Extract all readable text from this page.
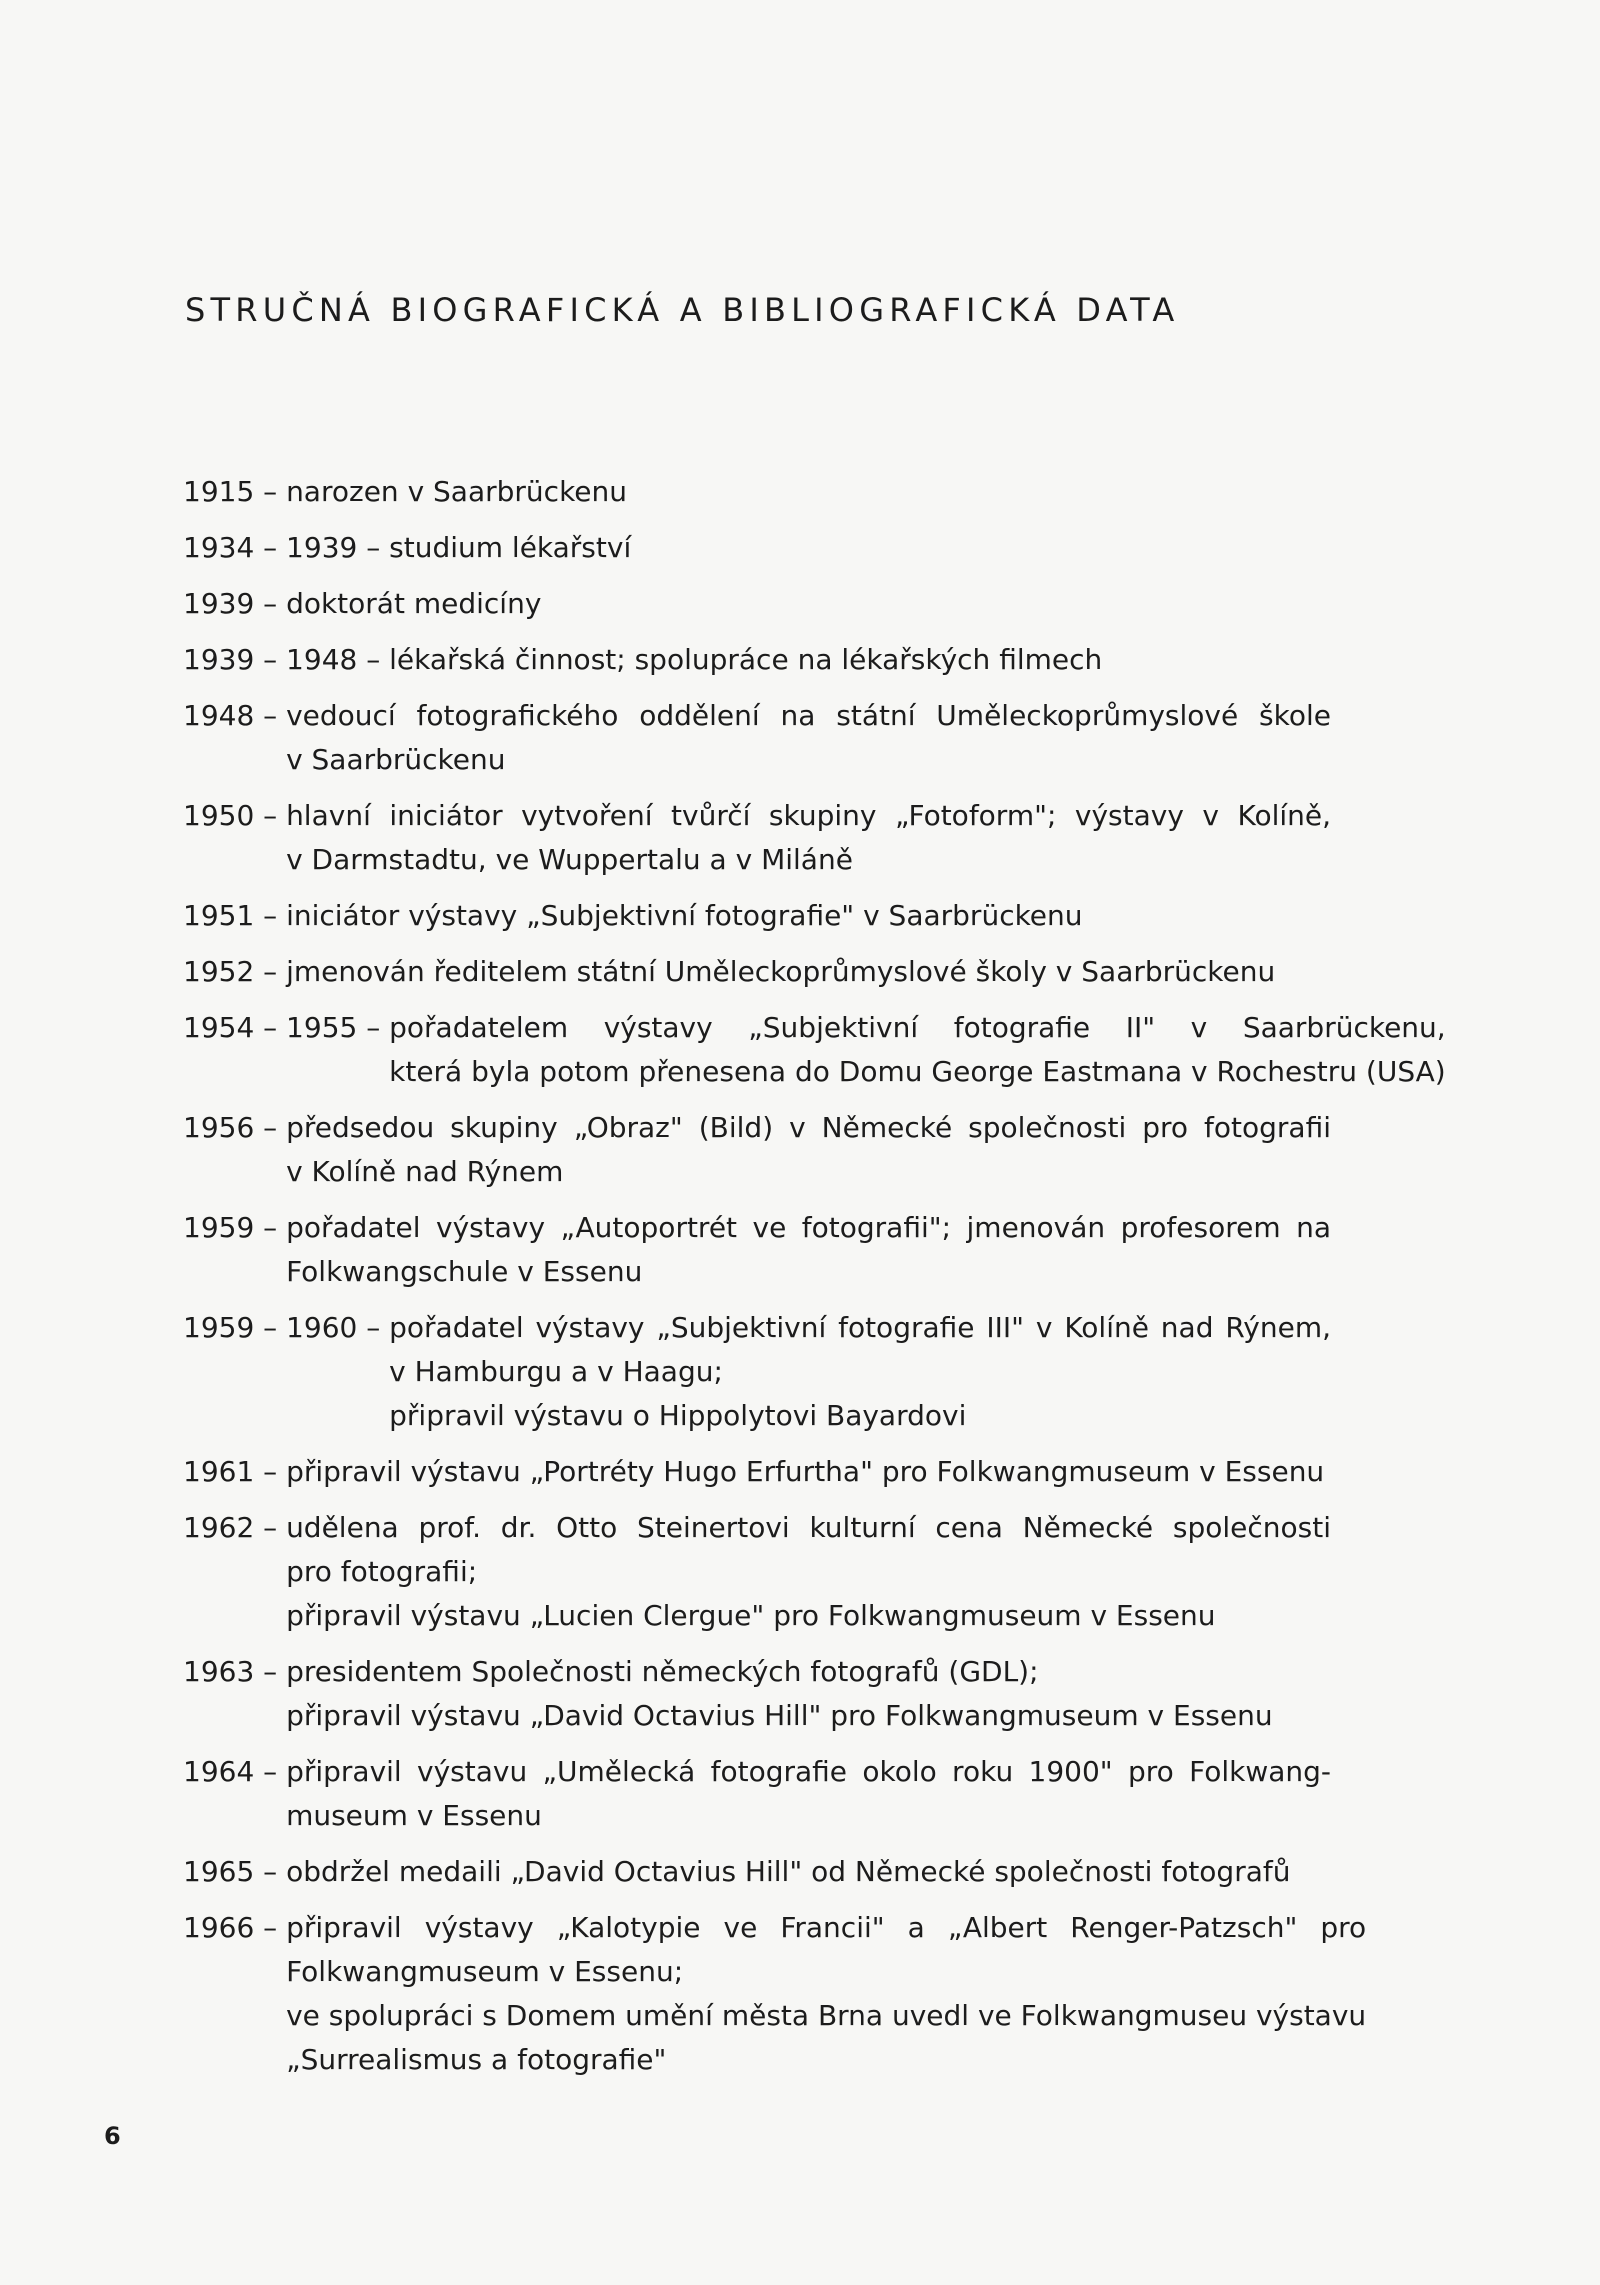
STRUČNÁ BIOGRAFICKÁ A BIBLIOGRAFICKÁ DATA
1915 – narozen v Saarbrückenu
1934 – 1939 – studium lékařství
1939 – doktorát medicíny
1939 – 1948 – lékařská činnost; spolupráce na lékařských filmech
1948 – vedoucí fotografického oddělení na státní Uměleckoprůmyslové škole
v Saarbrückenu
1950 – hlavní iniciátor vytvoření tvůrčí skupiny „Fotoform"; výstavy v Kolíně,
v Darmstadtu, ve Wuppertalu a v Miláně
1951 – iniciátor výstavy „Subjektivní fotografie" v Saarbrückenu
1952 – jmenován ředitelem státní Uměleckoprůmyslové školy v Saarbrückenu
1954 – 1955 – pořadatelem výstavy „Subjektivní fotografie II" v Saarbrückenu,
která byla potom přenesena do Domu George Eastmana v Rochestru (USA)
1956 – předsedou skupiny „Obraz" (Bild) v Německé společnosti pro fotografii
v Kolíně nad Rýnem
1959 – pořadatel výstavy „Autoportrét ve fotografii"; jmenován profesorem na
Folkwangschule v Essenu
1959 – 1960 – pořadatel výstavy „Subjektivní fotografie III" v Kolíně nad Rýnem,
v Hamburgu a v Haagu;
připravil výstavu o Hippolytovi Bayardovi
1961 – připravil výstavu „Portréty Hugo Erfurtha" pro Folkwangmuseum v Essenu
1962 – udělena prof. dr. Otto Steinertovi kulturní cena Německé společnosti
pro fotografii;
připravil výstavu „Lucien Clergue" pro Folkwangmuseum v Essenu
1963 – presidentem Společnosti německých fotografů (GDL);
připravil výstavu „David Octavius Hill" pro Folkwangmuseum v Essenu
1964 – připravil výstavu „Umělecká fotografie okolo roku 1900" pro Folkwang-
museum v Essenu
1965 – obdržel medaili „David Octavius Hill" od Německé společnosti fotografů
1966 – připravil výstavy „Kalotypie ve Francii" a „Albert Renger-Patzsch" pro
Folkwangmuseum v Essenu;
ve spolupráci s Domem umění města Brna uvedl ve Folkwangmuseu výstavu
„Surrealismus a fotografie"
6
